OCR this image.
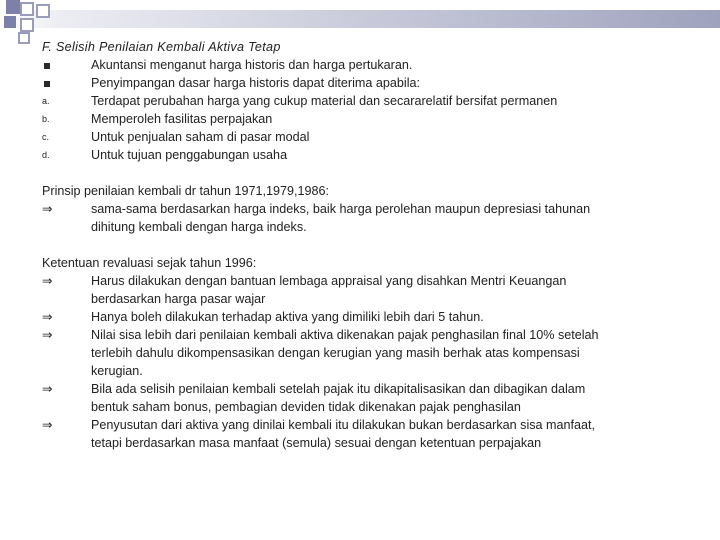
F. Selisih Penilaian Kembali Aktiva Tetap
Akuntansi menganut harga historis dan harga pertukaran.
Penyimpangan dasar harga historis dapat diterima apabila:
a.	Terdapat perubahan harga yang cukup material dan secararelatif bersifat permanen
b.	Memperoleh fasilitas perpajakan
c.	Untuk penjualan saham di pasar modal
d.	Untuk tujuan penggabungan usaha
Prinsip penilaian kembali dr tahun 1971,1979,1986:
⇒	sama-sama berdasarkan harga indeks, baik harga perolehan maupun depresiasi tahunan
dihitung kembali dengan harga indeks.
Ketentuan revaluasi sejak tahun 1996:
⇒	Harus dilakukan dengan bantuan lembaga appraisal yang disahkan Mentri Keuangan
berdasarkan harga pasar wajar
⇒	Hanya boleh dilakukan terhadap aktiva yang dimiliki lebih dari 5 tahun.
⇒	Nilai sisa lebih dari penilaian kembali aktiva dikenakan pajak penghasilan final 10% setelah
terlebih dahulu dikompensasikan dengan kerugian yang masih berhak atas kompensasi
kerugian.
⇒	Bila ada selisih penilaian kembali setelah pajak itu dikapitalisasikan dan dibagikan dalam
bentuk saham bonus, pembagian deviden tidak dikenakan pajak penghasilan
⇒	Penyusutan dari aktiva yang dinilai kembali itu dilakukan bukan berdasarkan sisa manfaat,
tetapi berdasarkan masa manfaat (semula) sesuai dengan ketentuan perpajakan
